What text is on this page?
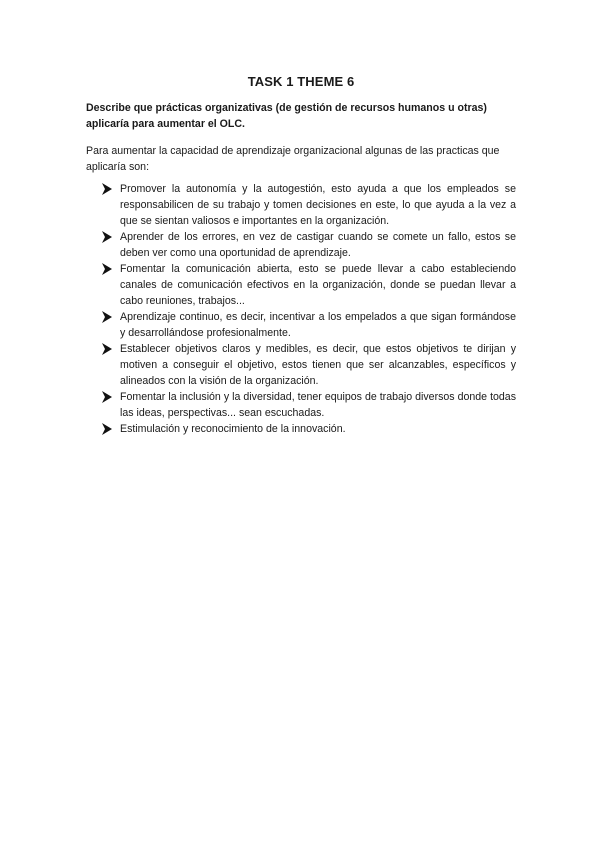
TASK 1 THEME 6

Describe que prácticas organizativas (de gestión de recursos humanos u otras) aplicaría para aumentar el OLC.

Para aumentar la capacidad de aprendizaje organizacional algunas de las practicas que aplicaría son:

Promover la autonomía y la autogestión, esto ayuda a que los empleados se responsabilicen de su trabajo y tomen decisiones en este, lo que ayuda a la vez a que se sientan valiosos e importantes en la organización.
Aprender de los errores, en vez de castigar cuando se comete un fallo, estos se deben ver como una oportunidad de aprendizaje.
Fomentar la comunicación abierta, esto se puede llevar a cabo estableciendo canales de comunicación efectivos en la organización, donde se puedan llevar a cabo reuniones, trabajos...
Aprendizaje continuo, es decir, incentivar a los empelados a que sigan formándose y desarrollándose profesionalmente.
Establecer objetivos claros y medibles, es decir, que estos objetivos te dirijan y motiven a conseguir el objetivo, estos tienen que ser alcanzables, específicos y alineados con la visión de la organización.
Fomentar la inclusión y la diversidad, tener equipos de trabajo diversos donde todas las ideas, perspectivas... sean escuchadas.
Estimulación y reconocimiento de la innovación.
